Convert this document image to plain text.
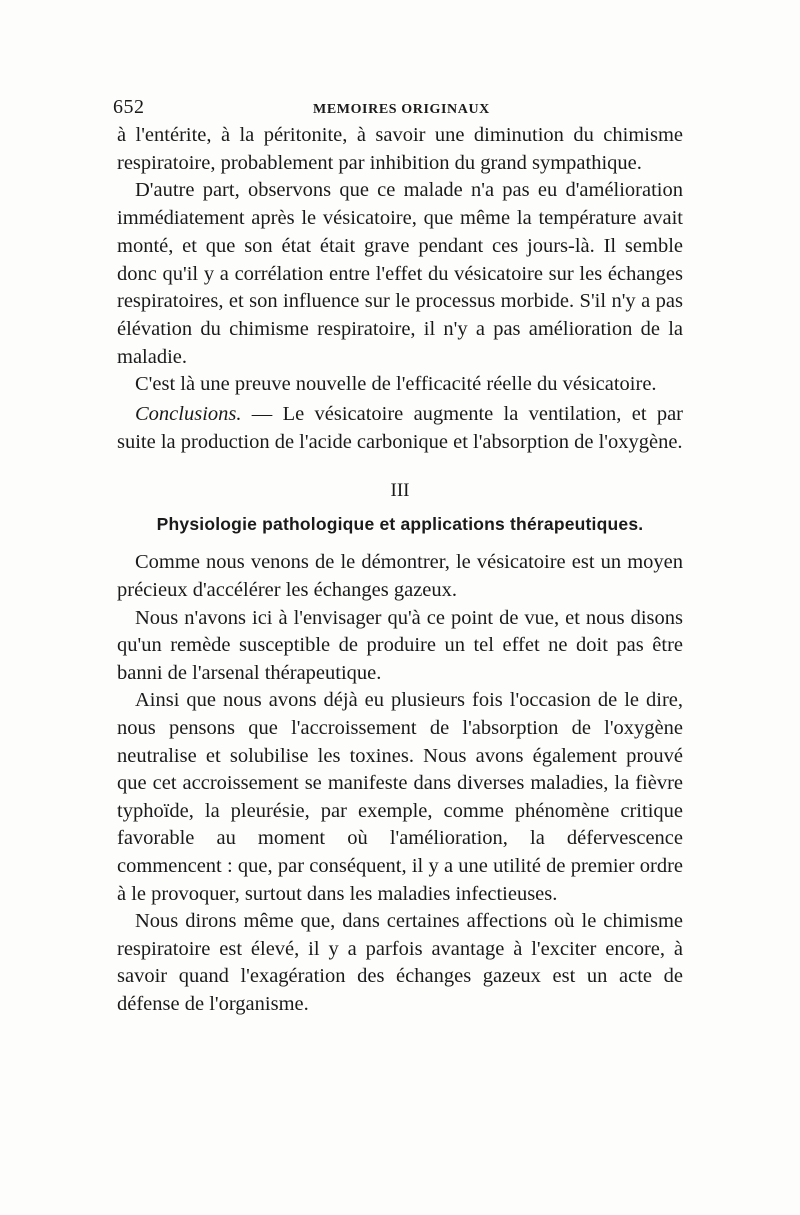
652	MEMOIRES ORIGINAUX

à l'entérite, à la péritonite, à savoir une diminution du chimisme respiratoire, probablement par inhibition du grand sympathique.

D'autre part, observons que ce malade n'a pas eu d'amélioration immédiatement après le vésicatoire, que même la température avait monté, et que son état était grave pendant ces jours-là. Il semble donc qu'il y a corrélation entre l'effet du vésicatoire sur les échanges respiratoires, et son influence sur le processus morbide. S'il n'y a pas élévation du chimisme respiratoire, il n'y a pas amélioration de la maladie.

C'est là une preuve nouvelle de l'efficacité réelle du vésicatoire.

Conclusions. — Le vésicatoire augmente la ventilation, et par suite la production de l'acide carbonique et l'absorption de l'oxygène.

III
Physiologie pathologique et applications thérapeutiques.

Comme nous venons de le démontrer, le vésicatoire est un moyen précieux d'accélérer les échanges gazeux.

Nous n'avons ici à l'envisager qu'à ce point de vue, et nous disons qu'un remède susceptible de produire un tel effet ne doit pas être banni de l'arsenal thérapeutique.

Ainsi que nous avons déjà eu plusieurs fois l'occasion de le dire, nous pensons que l'accroissement de l'absorption de l'oxygène neutralise et solubilise les toxines. Nous avons également prouvé que cet accroissement se manifeste dans diverses maladies, la fièvre typhoïde, la pleurésie, par exemple, comme phénomène critique favorable au moment où l'amélioration, la défervescence commencent : que, par conséquent, il y a une utilité de premier ordre à le provoquer, surtout dans les maladies infectieuses.

Nous dirons même que, dans certaines affections où le chimisme respiratoire est élevé, il y a parfois avantage à l'exciter encore, à savoir quand l'exagération des échanges gazeux est un acte de défense de l'organisme.
